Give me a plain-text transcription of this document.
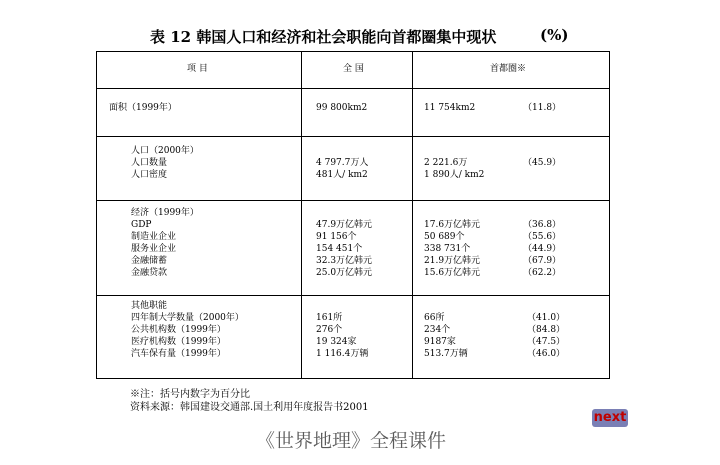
表 12 韩国人口和经济和社会职能向首都圈集中现状	(%)
项 目	全 国	首都圈※
面积（1999年）	99 800km2	11 754km2	（11.8）
人口（2000年）
人口数量	4 797.7万人	2 221.6万	（45.9）
人口密度	481人/ km2	1 890人/ km2
经济（1999年）
GDP	47.9万亿韩元	17.6万亿韩元	（36.8）
制造业企业	91 156个	50 689个	（55.6）
服务业企业	154 451个	338 731个	（44.9）
金融储蓄	32.3万亿韩元	21.9万亿韩元	（67.9）
金融贷款	25.0万亿韩元	15.6万亿韩元	（62.2）
其他职能
四年制大学数量（2000年）	161所	66所	（41.0）
公共机构数（1999年）	276个	234个	（84.8）
医疗机构数（1999年）	19 324家	9187家	（47.5）
汽车保有量（1999年）	1 116.4万辆	513.7万辆	（46.0）
※注：括号内数字为百分比
资料来源：韩国建设交通部.国土利用年度报告书2001
next
《世界地理》全程课件
